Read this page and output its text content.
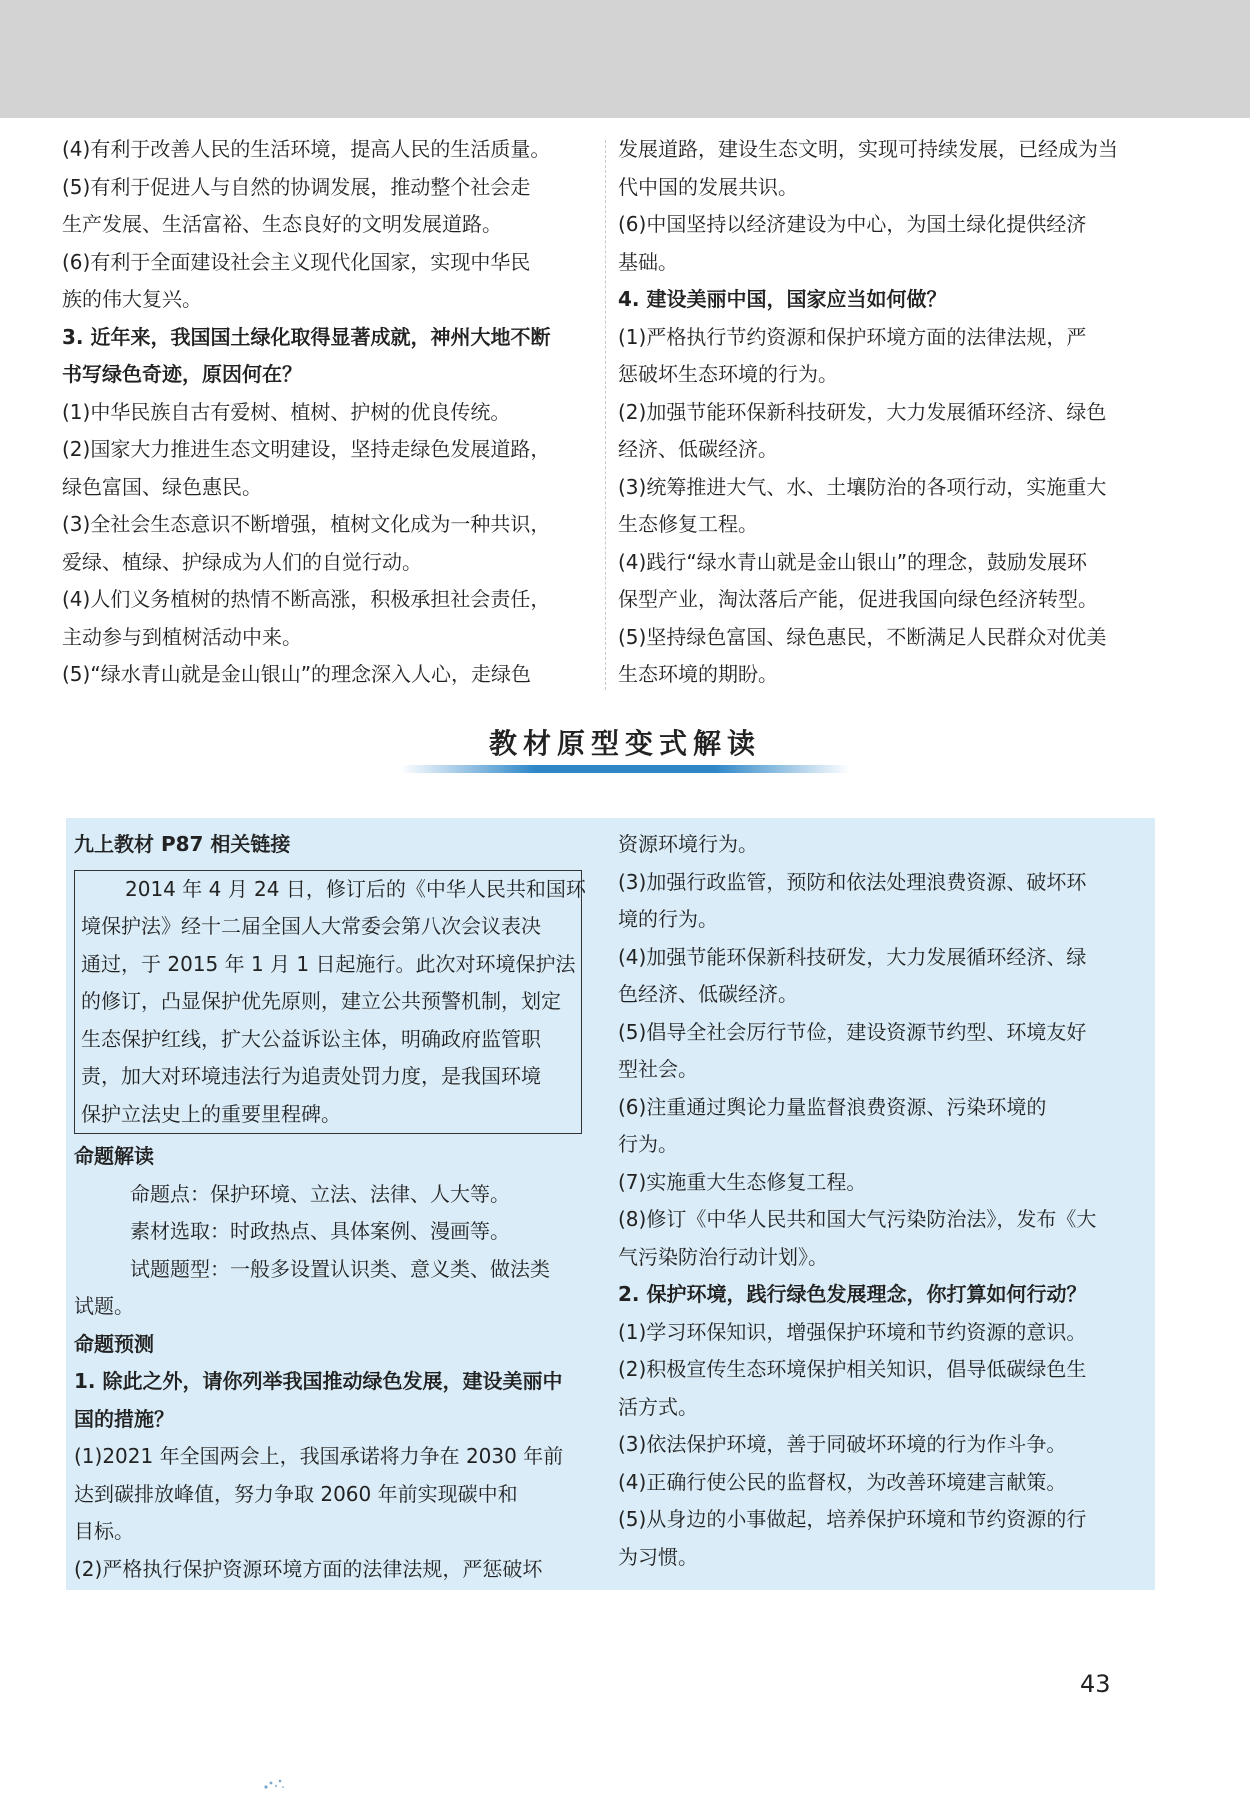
(4)有利于改善人民的生活环境，提高人民的生活质量。
(5)有利于促进人与自然的协调发展，推动整个社会走
生产发展、生活富裕、生态良好的文明发展道路。
(6)有利于全面建设社会主义现代化国家，实现中华民
族的伟大复兴。
3. 近年来，我国国土绿化取得显著成就，神州大地不断
书写绿色奇迹，原因何在？
(1)中华民族自古有爱树、植树、护树的优良传统。
(2)国家大力推进生态文明建设，坚持走绿色发展道路，
绿色富国、绿色惠民。
(3)全社会生态意识不断增强，植树文化成为一种共识，
爱绿、植绿、护绿成为人们的自觉行动。
(4)人们义务植树的热情不断高涨，积极承担社会责任，
主动参与到植树活动中来。
(5)“绿水青山就是金山银山”的理念深入人心，走绿色
发展道路，建设生态文明，实现可持续发展，已经成为当
代中国的发展共识。
(6)中国坚持以经济建设为中心，为国土绿化提供经济
基础。
4. 建设美丽中国，国家应当如何做？
(1)严格执行节约资源和保护环境方面的法律法规，严
惩破坏生态环境的行为。
(2)加强节能环保新科技研发，大力发展循环经济、绿色
经济、低碳经济。
(3)统筹推进大气、水、土壤防治的各项行动，实施重大
生态修复工程。
(4)践行“绿水青山就是金山银山”的理念，鼓励发展环
保型产业，淘汰落后产能，促进我国向绿色经济转型。
(5)坚持绿色富国、绿色惠民，不断满足人民群众对优美
生态环境的期盼。
教材原型变式解读
九上教材 P87 相关链接
2014 年 4 月 24 日，修订后的《中华人民共和国环
境保护法》经十二届全国人大常委会第八次会议表决
通过，于 2015 年 1 月 1 日起施行。此次对环境保护法
的修订，凸显保护优先原则，建立公共预警机制，划定
生态保护红线，扩大公益诉讼主体，明确政府监管职
责，加大对环境违法行为追责处罚力度，是我国环境
保护立法史上的重要里程碑。
命题解读
命题点：保护环境、立法、法律、人大等。
素材选取：时政热点、具体案例、漫画等。
试题题型：一般多设置认识类、意义类、做法类
试题。
命题预测
1. 除此之外，请你列举我国推动绿色发展，建设美丽中
国的措施？
(1)2021 年全国两会上，我国承诺将力争在 2030 年前
达到碳排放峰值，努力争取 2060 年前实现碳中和
目标。
(2)严格执行保护资源环境方面的法律法规，严惩破坏
资源环境行为。
(3)加强行政监管，预防和依法处理浪费资源、破坏环
境的行为。
(4)加强节能环保新科技研发，大力发展循环经济、绿
色经济、低碳经济。
(5)倡导全社会厉行节俭，建设资源节约型、环境友好
型社会。
(6)注重通过舆论力量监督浪费资源、污染环境的
行为。
(7)实施重大生态修复工程。
(8)修订《中华人民共和国大气污染防治法》，发布《大
气污染防治行动计划》。
2. 保护环境，践行绿色发展理念，你打算如何行动？
(1)学习环保知识，增强保护环境和节约资源的意识。
(2)积极宣传生态环境保护相关知识，倡导低碳绿色生
活方式。
(3)依法保护环境，善于同破坏环境的行为作斗争。
(4)正确行使公民的监督权，为改善环境建言献策。
(5)从身边的小事做起，培养保护环境和节约资源的行
为习惯。
43
